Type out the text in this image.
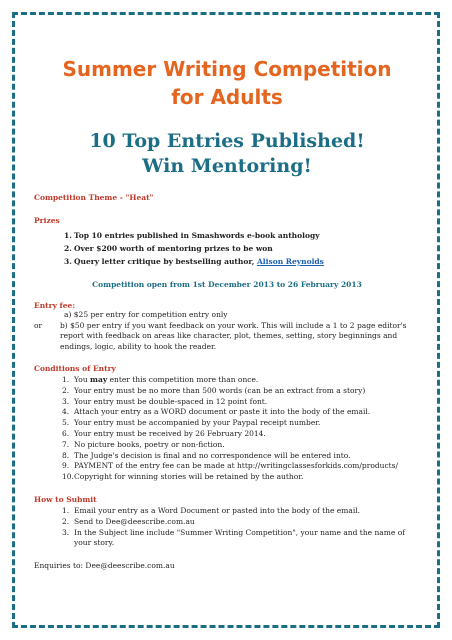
Summer Writing Competition
for Adults

10 Top Entries Published!
Win Mentoring!

Competition Theme - "Heat"

Prizes

1. Top 10 entries published in Smashwords e-book anthology
2. Over $200 worth of mentoring prizes to be won
3. Query letter critique by bestselling author, Alison Reynolds

Competition open from 1st December 2013 to 26 February 2013

Entry fee:

a) $25 per entry for competition entry only
or	b) $50 per entry if you want feedback on your work. This will include a 1 to 2 page editor's report with feedback on areas like character, plot, themes, setting, story beginnings and endings, logic, ability to hook the reader.

Conditions of Entry

1. You may enter this competition more than once.
2. Your entry must be no more than 500 words (can be an extract from a story)
3. Your entry must be double-spaced in 12 point font.
4. Attach your entry as a WORD document or paste it into the body of the email.
5. Your entry must be accompanied by your Paypal receipt number.
6. Your entry must be received by 26 February 2014.
7. No picture books, poetry or non-fiction.
8. The Judge's decision is final and no correspondence will be entered into.
9. PAYMENT of the entry fee can be made at http://writingclassesforkids.com/products/
10. Copyright for winning stories will be retained by the author.

How to Submit

1. Email your entry as a Word Document or pasted into the body of the email.
2. Send to Dee@deescribe.com.au
3. In the Subject line include "Summer Writing Competition", your name and the name of your story.

Enquiries to: Dee@deescribe.com.au
